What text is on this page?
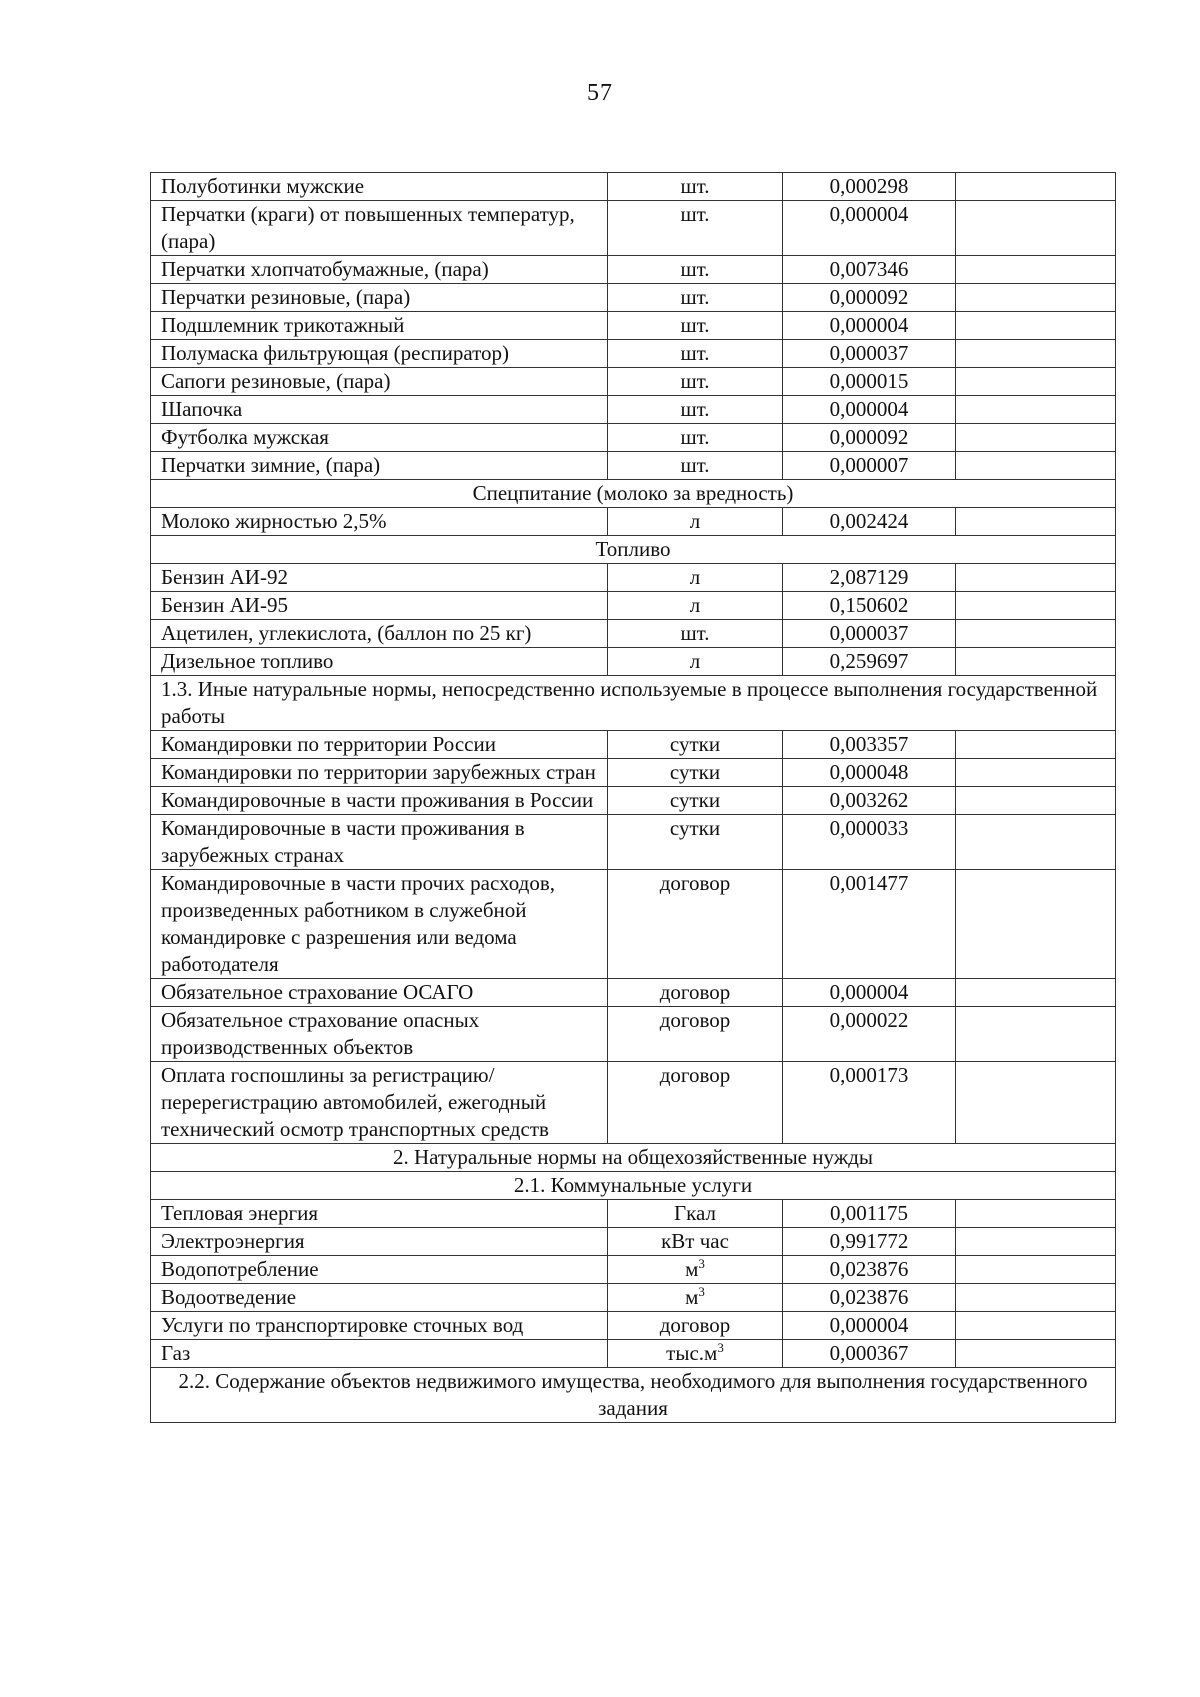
57
Полуботинки мужские	шт.	0,000298	
Перчатки (краги) от повышенных температур, (пара)	шт.	0,000004	
Перчатки хлопчатобумажные, (пара)	шт.	0,007346	
Перчатки резиновые, (пара)	шт.	0,000092	
Подшлемник трикотажный	шт.	0,000004	
Полумаска фильтрующая (респиратор)	шт.	0,000037	
Сапоги резиновые, (пара)	шт.	0,000015	
Шапочка	шт.	0,000004	
Футболка мужская	шт.	0,000092	
Перчатки зимние, (пара)	шт.	0,000007	
Спецпитание (молоко за вредность)			
Молоко жирностью 2,5%	л	0,002424	
Топливо			
Бензин АИ-92	л	2,087129	
Бензин АИ-95	л	0,150602	
Ацетилен, углекислота, (баллон по 25 кг)	шт.	0,000037	
Дизельное топливо	л	0,259697	
1.3. Иные натуральные нормы, непосредственно используемые в процессе выполнения государственной работы			
Командировки по территории России	сутки	0,003357	
Командировки по территории зарубежных стран	сутки	0,000048	
Командировочные в части проживания в России	сутки	0,003262	
Командировочные в части проживания в зарубежных странах	сутки	0,000033	
Командировочные в части прочих расходов, произведенных работником в служебной командировке с разрешения или ведома работодателя	договор	0,001477	
Обязательное страхование ОСАГО	договор	0,000004	
Обязательное страхование опасных производственных объектов	договор	0,000022	
Оплата госпошлины за регистрацию/перерегистрацию автомобилей, ежегодный технический осмотр транспортных средств	договор	0,000173	
2. Натуральные нормы на общехозяйственные нужды			
2.1. Коммунальные услуги			
Тепловая энергия	Гкал	0,001175	
Электроэнергия	кВт час	0,991772	
Водопотребление	$м^3$	0,023876	
Водоотведение	$м^3$	0,023876	
Услуги по транспортировке сточных вод	договор	0,000004	
Газ	$тыс.м^3$	0,000367	
2.2. Содержание объектов недвижимого имущества, необходимого для выполнения государственного задания			
